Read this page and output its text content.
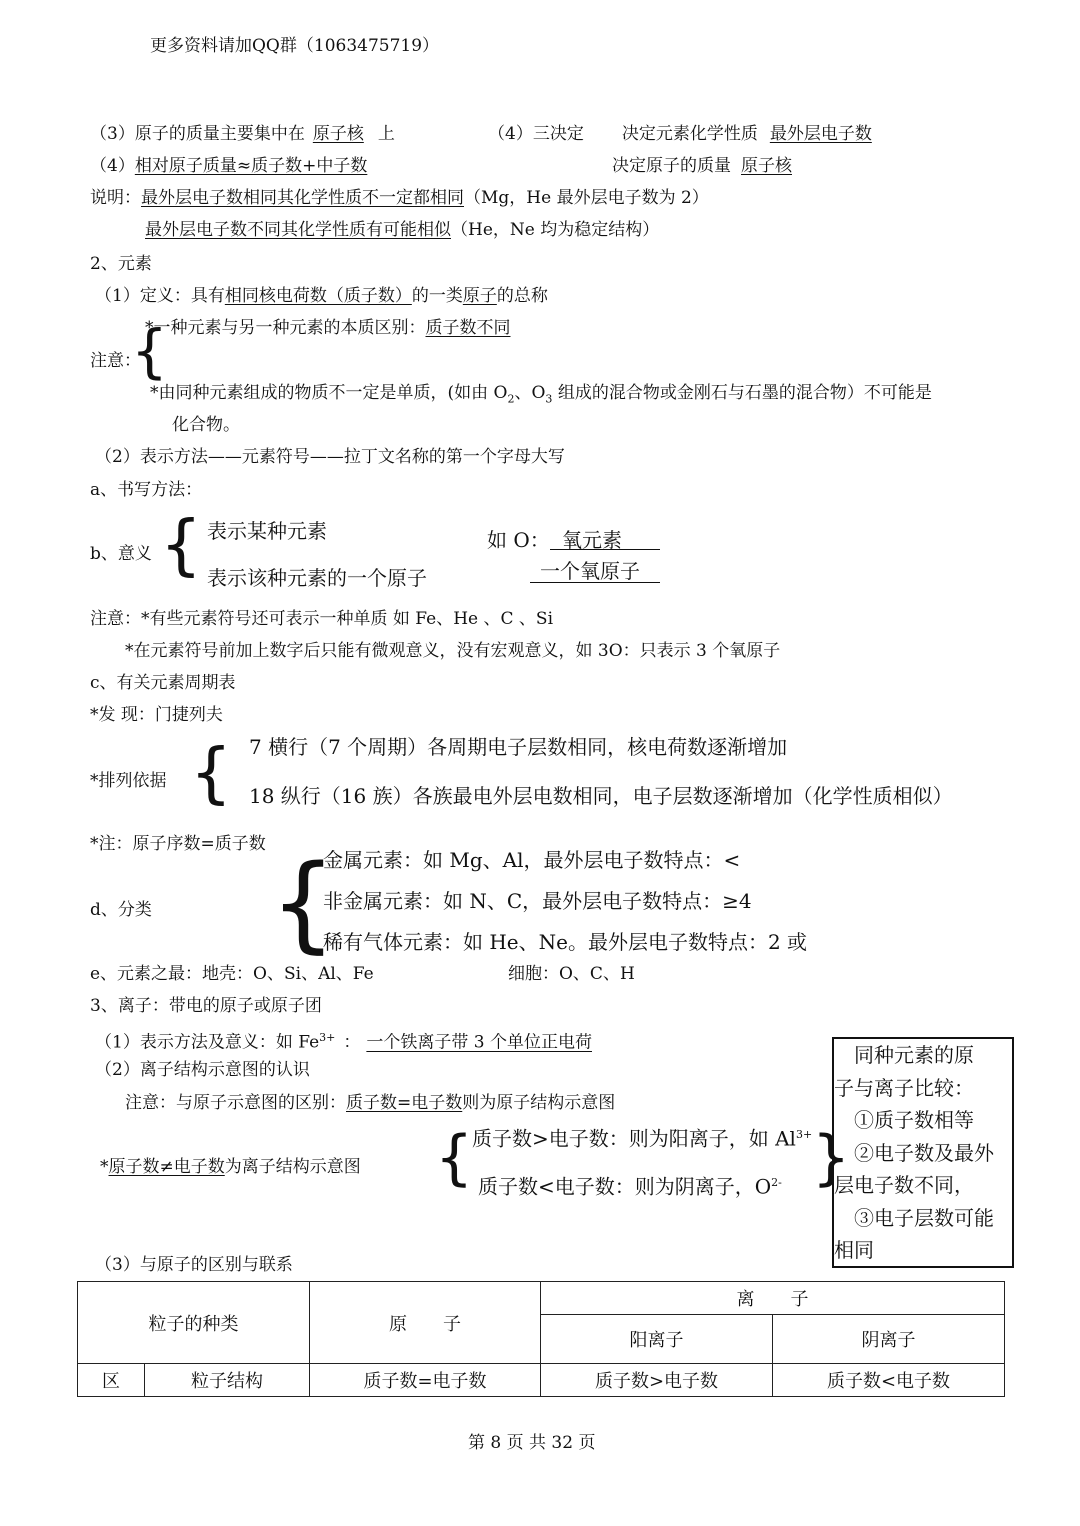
更多资料请加QQ群（1063475719）
（3）原子的质量主要集中在 原子核 上	（4）三决定 决定元素化学性质 最外层电子数
（4）相对原子质量≈质子数+中子数	决定原子的质量 原子核
说明：最外层电子数相同其化学性质不一定都相同（Mg，He 最外层电子数为 2）
最外层电子数不同其化学性质有可能相似（He，Ne 均为稳定结构）
2、元素
（1）定义：具有相同核电荷数（质子数）的一类原子的总称
*一种元素与另一种元素的本质区别：质子数不同
注意：
{
*由同种元素组成的物质不一定是单质，(如由 $O_2$、$O_3$ 组成的混合物或金刚石与石墨的混合物）不可能是
化合物。
（2）表示方法——元素符号——拉丁文名称的第一个字母大写
a、书写方法：
b、意义 { 表示某种元素
表示该种元素的一个原子
如 O： 氧元素
一个氧原子
注意：*有些元素符号还可表示一种单质 如 Fe、He 、C 、Si
*在元素符号前加上数字后只能有微观意义，没有宏观意义，如 3O：只表示 3 个氧原子
c、有关元素周期表
*发 现：门捷列夫
*排列依据 { 7 横行（7 个周期）各周期电子层数相同，核电荷数逐渐增加
18 纵行（16 族）各族最电外层电数相同，电子层数逐渐增加（化学性质相似）
*注：原子序数=质子数
d、分类 {
金属元素：如 Mg、Al，最外层电子数特点：<
非金属元素：如 N、C，最外层电子数特点：≥4
稀有气体元素：如 He、Ne。最外层电子数特点：2 或
e、元素之最：地壳：O、Si、Al、Fe	细胞：O、C、H
3、离子：带电的原子或原子团
（1）表示方法及意义：如 $Fe^{3+}$ ： 一个铁离子带 3 个单位正电荷
（2）离子结构示意图的认识
注意：与原子示意图的区别：质子数=电子数则为原子结构示意图
*原子数≠电子数为离子结构示意图 {
质子数>电子数：则为阳离子，如 $Al^{3+}$
质子数<电子数：则为阴离子，$O^{2-}$ }
　同种元素的原
子与离子比较：
　①质子数相等
　②电子数及最外
层电子数不同，
　③电子层数可能
相同
（3）与原子的区别与联系
粒子的种类		原　　子	离　　子	
			阳离子	阴离子
区	粒子结构	质子数=电子数	质子数>电子数	质子数<电子数
第 8 页 共 32 页
